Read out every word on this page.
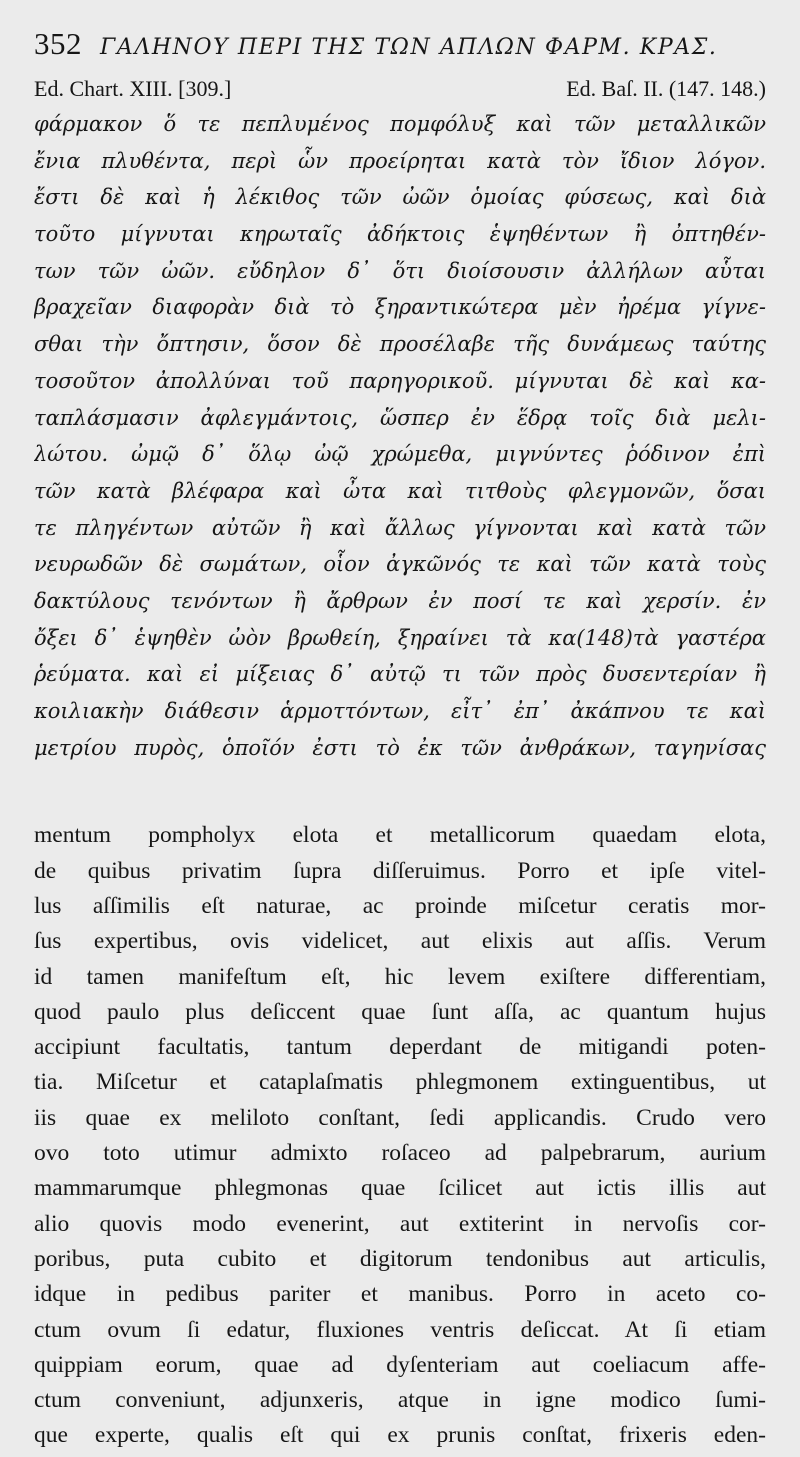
352 ΓΑΛΗΝΟΥ ΠΕΡΙ ΤΗΣ ΤΩΝ ΑΠΛΩΝ ΦΑΡΜ. ΚΡΑΣ.
Ed. Chart. XIII. [309.]	Ed. Baſ. II. (147. 148.)
φάρμακον ὅ τε πεπλυμένος πομφόλυξ καὶ τῶν μεταλλικῶν
ἔνια πλυθέντα, περὶ ὧν προείρηται κατὰ τὸν ἴδιον λόγον.
ἔστι δὲ καὶ ἡ λέκιθος τῶν ὠῶν ὁμοίας φύσεως, καὶ διὰ
τοῦτο μίγνυται κηρωταῖς ἀδήκτοις ἑψηθέντων ἢ ὀπτηθέν-
των τῶν ὠῶν. εὔδηλον δ᾽ ὅτι διοίσουσιν ἀλλήλων αὗται
βραχεῖαν διαφορὰν διὰ τὸ ξηραντικώτερα μὲν ἠρέμα γίγνε-
σθαι τὴν ὄπτησιν, ὅσον δὲ προσέλαβε τῆς δυνάμεως ταύτης
τοσοῦτον ἀπολλύναι τοῦ παρηγορικοῦ. μίγνυται δὲ καὶ κα-
ταπλάσμασιν ἀφλεγμάντοις, ὥσπερ ἐν ἕδρᾳ τοῖς διὰ μελι-
λώτου. ὠμῷ δ᾽ ὅλῳ ὠῷ χρώμεθα, μιγνύντες ῥόδινον ἐπὶ
τῶν κατὰ βλέφαρα καὶ ὦτα καὶ τιτθοὺς φλεγμονῶν, ὅσαι
τε πληγέντων αὐτῶν ἢ καὶ ἄλλως γίγνονται καὶ κατὰ τῶν
νευρωδῶν δὲ σωμάτων, οἷον ἀγκῶνός τε καὶ τῶν κατὰ τοὺς
δακτύλους τενόντων ἢ ἄρθρων ἐν ποσί τε καὶ χερσίν. ἐν
ὄξει δ᾽ ἑψηθὲν ὠὸν βρωθείη, ξηραίνει τὰ κα(148)τὰ γαστέρα
ῥεύματα. καὶ εἰ μίξειας δ᾽ αὐτῷ τι τῶν πρὸς δυσεντερίαν ἢ
κοιλιακὴν διάθεσιν ἁρμοττόντων, εἶτ᾽ ἐπ᾽ ἀκάπνου τε καὶ
μετρίου πυρὸς, ὁποῖόν ἐστι τὸ ἐκ τῶν ἀνθράκων, ταγηνίσας
mentum pompholyx elota et metallicorum quaedam elota,
de quibus privatim ſupra diſſeruimus. Porro et ipſe vitel-
lus aſſimilis eſt naturae, ac proinde miſcetur ceratis mor-
ſus expertibus, ovis videlicet, aut elixis aut aſſis. Verum
id tamen manifeſtum eſt, hic levem exiſtere differentiam,
quod paulo plus deſiccent quae ſunt aſſa, ac quantum hujus
accipiunt facultatis, tantum deperdant de mitigandi poten-
tia. Miſcetur et cataplaſmatis phlegmonem extinguentibus, ut
iis quae ex meliloto conſtant, ſedi applicandis. Crudo vero
ovo toto utimur admixto roſaceo ad palpebrarum, aurium
mammarumque phlegmonas quae ſcilicet aut ictis illis aut
alio quovis modo evenerint, aut extiterint in nervoſis cor-
poribus, puta cubito et digitorum tendonibus aut articulis,
idque in pedibus pariter et manibus. Porro in aceto co-
ctum ovum ſi edatur, fluxiones ventris deſiccat. At ſi etiam
quippiam eorum, quae ad dyſenteriam aut coeliacum affe-
ctum conveniunt, adjunxeris, atque in igne modico ſumi-
que experte, qualis eſt qui ex prunis conſtat, frixeris eden-
